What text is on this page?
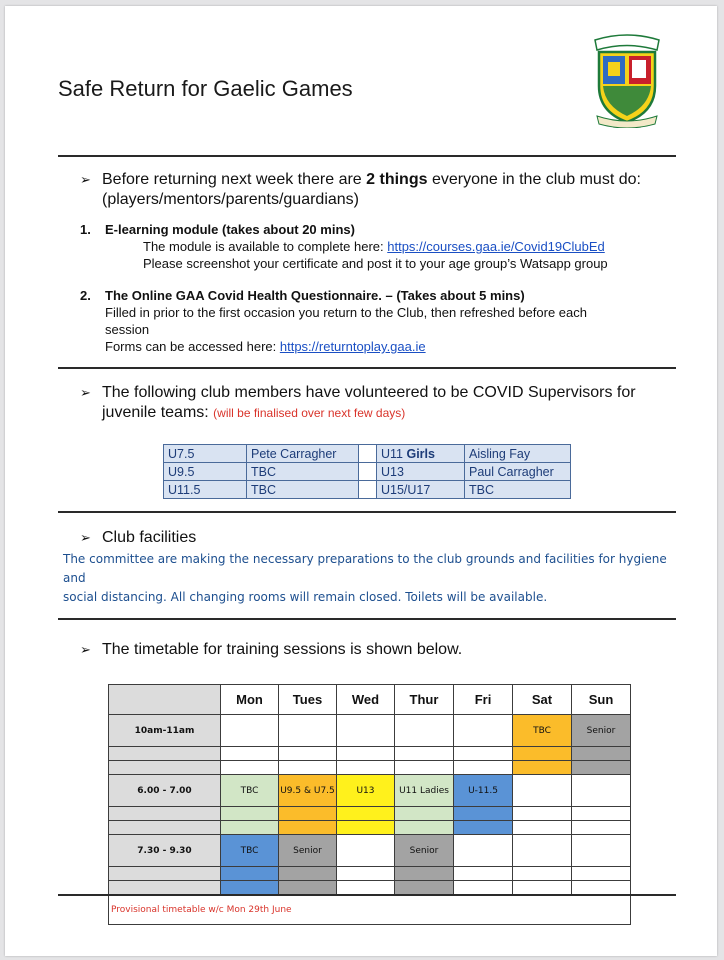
Safe Return for Gaelic Games
➢ Before returning next week there are 2 things everyone in the club must do:
(players/mentors/parents/guardians)
1. E-learning module (takes about 20 mins)
The module is available to complete here: https://courses.gaa.ie/Covid19ClubEd
Please screenshot your certificate and post it to your age group’s Watsapp group
2. The Online GAA Covid Health Questionnaire. – (Takes about 5 mins)
Filled in prior to the first occasion you return to the Club, then refreshed before each
session
Forms can be accessed here: https://returntoplay.gaa.ie
➢ The following club members have volunteered to be COVID Supervisors for
juvenile teams: (will be finalised over next few days)
U7.5	Pete Carragher		U11 Girls	Aisling Fay
U9.5	TBC		U13	Paul Carragher
U11.5	TBC		U15/U17	TBC
➢ Club facilities
The committee are making the necessary preparations to the club grounds and facilities for hygiene and
social distancing. All changing rooms will remain closed. Toilets will be available.
➢ The timetable for training sessions is shown below.
	Mon	Tues	Wed	Thur	Fri	Sat	Sun
10am-11am						TBC	Senior

6.00 - 7.00	TBC	U9.5 & U7.5	U13	U11 Ladies	U-11.5		

7.30 - 9.30	TBC	Senior		Senior			

Provisional timetable w/c Mon 29th June							
